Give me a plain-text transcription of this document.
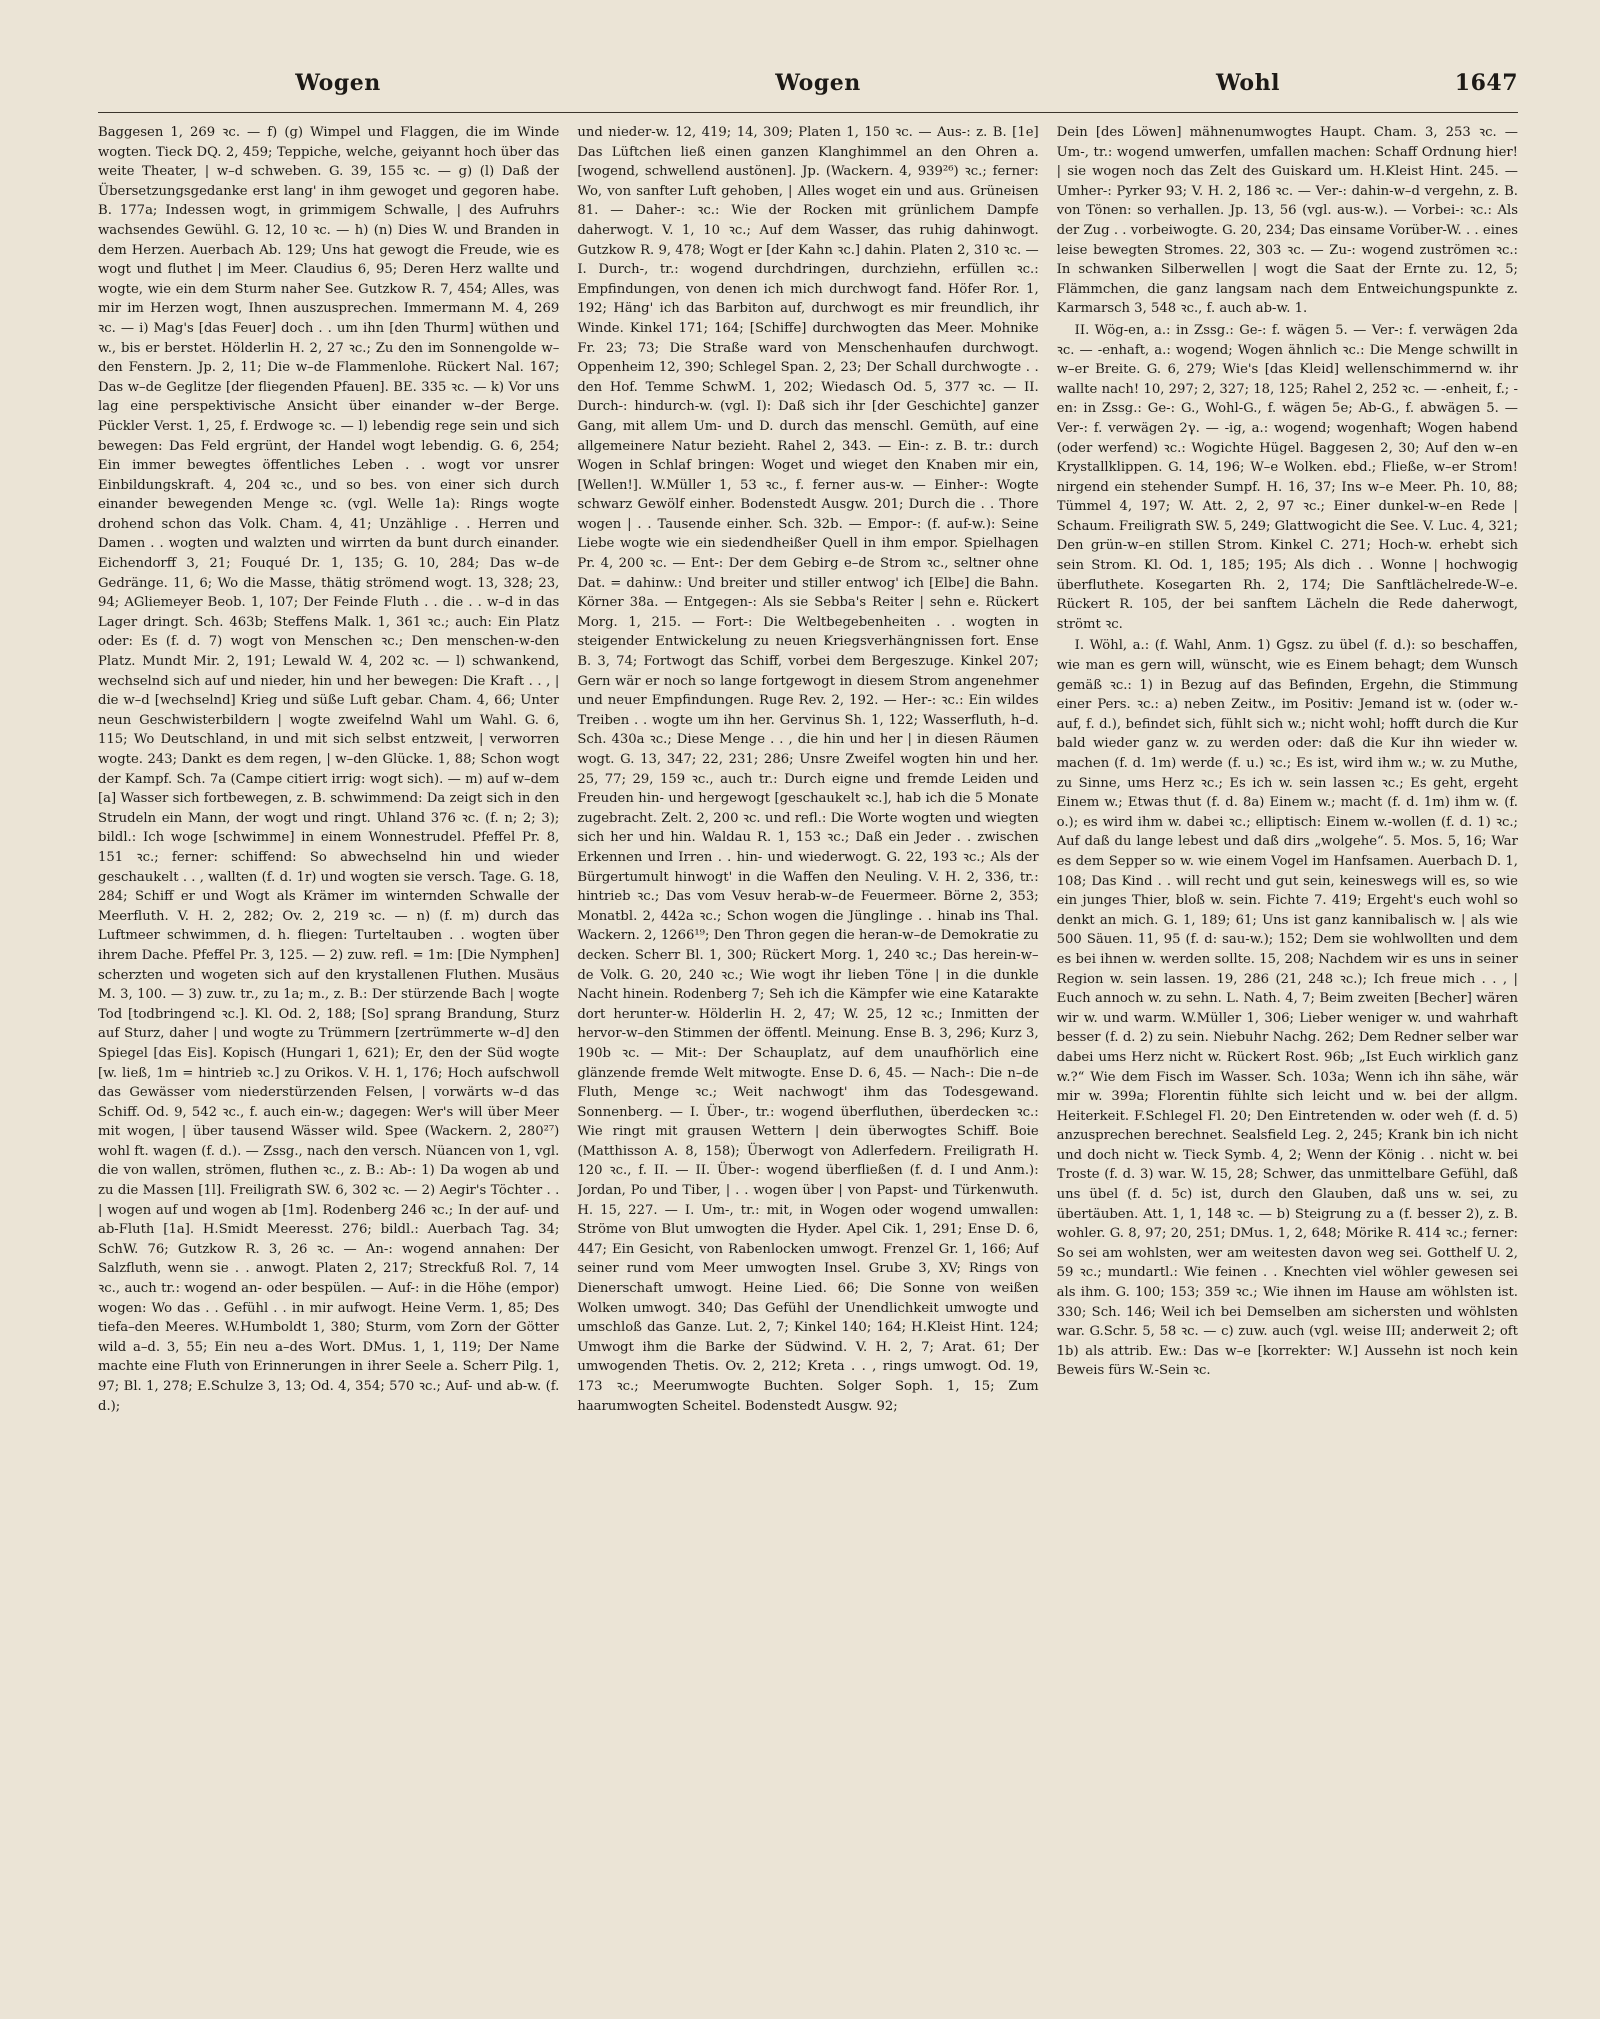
Wogen	Wogen	Wohl	1647

Baggesen 1, 269 ꝛc. — f) (g) Wimpel und Flaggen, die im Winde wogten. Tieck DQ. 2, 459; Teppiche, welche, geiyannt hoch über das weite Theater, | w–d schweben. G. 39, 155 ꝛc. — g) (l) Daß der Übersetzungsgedanke erst lang' in ihm gewoget und gegoren habe. B. 177a; Indessen wogt, in grimmigem Schwalle, | des Aufruhrs wachsendes Gewühl. G. 12, 10 ꝛc. — h) (n) Dies W. und Branden in dem Herzen. Auerbach Ab. 129; Uns hat gewogt die Freude, wie es wogt und fluthet | im Meer. Claudius 6, 95; Deren Herz wallte und wogte, wie ein dem Sturm naher See. Gutzkow R. 7, 454; Alles, was mir im Herzen wogt, Ihnen auszusprechen. Immermann M. 4, 269 ꝛc. — i) Mag's [das Feuer] doch . . um ihn [den Thurm] wüthen und w., bis er berstet. Hölderlin H. 2, 27 ꝛc.; Zu den im Sonnengolde w–den Fenstern. Jp. 2, 11; Die w–de Flammenlohe. Rückert Nal. 167; Das w–de Geglitze [der fliegenden Pfauen]. BE. 335 ꝛc. — k) Vor uns lag eine perspektivische Ansicht über einander w–der Berge. Pückler Verst. 1, 25, f. Erdwoge ꝛc. — l) lebendig rege sein und sich bewegen: Das Feld ergrünt, der Handel wogt lebendig. G. 6, 254; Ein immer bewegtes öffentliches Leben . . wogt vor unsrer Einbildungskraft. 4, 204 ꝛc., und so bes. von einer sich durch einander bewegenden Menge ꝛc. (vgl. Welle 1a): Rings wogte drohend schon das Volk. Cham. 4, 41; Unzählige . . Herren und Damen . . wogten und walzten und wirrten da bunt durch einander. Eichendorff 3, 21; Fouqué Dr. 1, 135; G. 10, 284; Das w–de Gedränge. 11, 6; Wo die Masse, thätig strömend wogt. 13, 328; 23, 94; AGliemeyer Beob. 1, 107; Der Feinde Fluth . . die . . w–d in das Lager dringt. Sch. 463b; Steffens Malk. 1, 361 ꝛc.; auch: Ein Platz oder: Es (f. d. 7) wogt von Menschen ꝛc.; Den menschen-w-den Platz. Mundt Mir. 2, 191; Lewald W. 4, 202 ꝛc. — l) schwankend, wechselnd sich auf und nieder, hin und her bewegen: Die Kraft . . , | die w–d [wechselnd] Krieg und süße Luft gebar. Cham. 4, 66; Unter neun Geschwisterbildern | wogte zweifelnd Wahl um Wahl. G. 6, 115; Wo Deutschland, in und mit sich selbst entzweit, | verworren wogte. 243; Dankt es dem regen, | w–den Glücke. 1, 88; Schon wogt der Kampf. Sch. 7a (Campe citiert irrig: wogt sich). — m) auf w–dem [a] Wasser sich fortbewegen, z. B. schwimmend: Da zeigt sich in den Strudeln ein Mann, der wogt und ringt. Uhland 376 ꝛc. (f. n; 2; 3); bildl.: Ich woge [schwimme] in einem Wonnestrudel. Pfeffel Pr. 8, 151 ꝛc.; ferner: schiffend: So abwechselnd hin und wieder geschaukelt . . , wallten (f. d. 1r) und wogten sie versch. Tage. G. 18, 284; Schiff er und Wogt als Krämer im winternden Schwalle der Meerfluth. V. H. 2, 282; Ov. 2, 219 ꝛc. — n) (f. m) durch das Luftmeer schwimmen, d. h. fliegen: Turteltauben . . wogten über ihrem Dache. Pfeffel Pr. 3, 125. — 2) zuw. refl. = 1m: [Die Nymphen] scherzten und wogeten sich auf den krystallenen Fluthen. Musäus M. 3, 100. — 3) zuw. tr., zu 1a; m., z. B.: Der stürzende Bach | wogte Tod [todbringend ꝛc.]. Kl. Od. 2, 188; [So] sprang Brandung, Sturz auf Sturz, daher | und wogte zu Trümmern [zertrümmerte w–d] den Spiegel [das Eis]. Kopisch (Hungari 1, 621); Er, den der Süd wogte [w. ließ, 1m = hintrieb ꝛc.] zu Orikos. V. H. 1, 176; Hoch aufschwoll das Gewässer vom niederstürzenden Felsen, | vorwärts w–d das Schiff. Od. 9, 542 ꝛc., f. auch ein-w.; dagegen: Wer's will über Meer mit wogen, | über tausend Wässer wild. Spee (Wackern. 2, 280²⁷) wohl ft. wagen (f. d.). — Zssg., nach den versch. Nüancen von 1, vgl. die von wallen, strömen, fluthen ꝛc., z. B.: Ab-: 1) Da wogen ab und zu die Massen [1l]. Freiligrath SW. 6, 302 ꝛc. — 2) Aegir's Töchter . . | wogen auf und wogen ab [1m]. Rodenberg 246 ꝛc.; In der auf- und ab-Fluth [1a]. H.Smidt Meeresst. 276; bildl.: Auerbach Tag. 34; SchW. 76; Gutzkow R. 3, 26 ꝛc. — An-: wogend annahen: Der Salzfluth, wenn sie . . anwogt. Platen 2, 217; Streckfuß Rol. 7, 14 ꝛc., auch tr.: wogend an- oder bespülen. — Auf-: in die Höhe (empor) wogen: Wo das . . Gefühl . . in mir aufwogt. Heine Verm. 1, 85; Des tiefa–den Meeres. W.Humboldt 1, 380; Sturm, vom Zorn der Götter wild a–d. 3, 55; Ein neu a–des Wort. DMus. 1, 1, 119; Der Name machte eine Fluth von Erinnerungen in ihrer Seele a. Scherr Pilg. 1, 97; Bl. 1, 278; E.Schulze 3, 13; Od. 4, 354; 570 ꝛc.; Auf- und ab-w. (f. d.);

und nieder-w. 12, 419; 14, 309; Platen 1, 150 ꝛc. — Aus-: z. B. [1e] Das Lüftchen ließ einen ganzen Klanghimmel an den Ohren a. [wogend, schwellend austönen]. Jp. (Wackern. 4, 939²⁶) ꝛc.; ferner: Wo, von sanfter Luft gehoben, | Alles woget ein und aus. Grüneisen 81. — Daher-: ꝛc.: Wie der Rocken mit grünlichem Dampfe daherwogt. V. 1, 10 ꝛc.; Auf dem Wasser, das ruhig dahinwogt. Gutzkow R. 9, 478; Wogt er [der Kahn ꝛc.] dahin. Platen 2, 310 ꝛc. — I. Durch-, tr.: wogend durchdringen, durchziehn, erfüllen ꝛc.: Empfindungen, von denen ich mich durchwogt fand. Höfer Ror. 1, 192; Häng' ich das Barbiton auf, durchwogt es mir freundlich, ihr Winde. Kinkel 171; 164; [Schiffe] durchwogten das Meer. Mohnike Fr. 23; 73; Die Straße ward von Menschenhaufen durchwogt. Oppenheim 12, 390; Schlegel Span. 2, 23; Der Schall durchwogte . . den Hof. Temme SchwM. 1, 202; Wiedasch Od. 5, 377 ꝛc. — II. Durch-: hindurch-w. (vgl. I): Daß sich ihr [der Geschichte] ganzer Gang, mit allem Um- und D. durch das menschl. Gemüth, auf eine allgemeinere Natur bezieht. Rahel 2, 343. — Ein-: z. B. tr.: durch Wogen in Schlaf bringen: Woget und wieget den Knaben mir ein, [Wellen!]. W.Müller 1, 53 ꝛc., f. ferner aus-w. — Einher-: Wogte schwarz Gewölf einher. Bodenstedt Ausgw. 201; Durch die . . Thore wogen | . . Tausende einher. Sch. 32b. — Empor-: (f. auf-w.): Seine Liebe wogte wie ein siedendheißer Quell in ihm empor. Spielhagen Pr. 4, 200 ꝛc. — Ent-: Der dem Gebirg e–de Strom ꝛc., seltner ohne Dat. = dahinw.: Und breiter und stiller entwog' ich [Elbe] die Bahn. Körner 38a. — Entgegen-: Als sie Sebba's Reiter | sehn e. Rückert Morg. 1, 215. — Fort-: Die Weltbegebenheiten . . wogten in steigender Entwickelung zu neuen Kriegsverhängnissen fort. Ense B. 3, 74; Fortwogt das Schiff, vorbei dem Bergeszuge. Kinkel 207; Gern wär er noch so lange fortgewogt in diesem Strom angenehmer und neuer Empfindungen. Ruge Rev. 2, 192. — Her-: ꝛc.: Ein wildes Treiben . . wogte um ihn her. Gervinus Sh. 1, 122; Wasserfluth, h–d. Sch. 430a ꝛc.; Diese Menge . . , die hin und her | in diesen Räumen wogt. G. 13, 347; 22, 231; 286; Unsre Zweifel wogten hin und her. 25, 77; 29, 159 ꝛc., auch tr.: Durch eigne und fremde Leiden und Freuden hin- und hergewogt [geschaukelt ꝛc.], hab ich die 5 Monate zugebracht. Zelt. 2, 200 ꝛc. und refl.: Die Worte wogten und wiegten sich her und hin. Waldau R. 1, 153 ꝛc.; Daß ein Jeder . . zwischen Erkennen und Irren . . hin- und wiederwogt. G. 22, 193 ꝛc.; Als der Bürgertumult hinwogt' in die Waffen den Neuling. V. H. 2, 336, tr.: hintrieb ꝛc.; Das vom Vesuv herab-w–de Feuermeer. Börne 2, 353; Monatbl. 2, 442a ꝛc.; Schon wogen die Jünglinge . . hinab ins Thal. Wackern. 2, 1266¹⁹; Den Thron gegen die heran-w–de Demokratie zu decken. Scherr Bl. 1, 300; Rückert Morg. 1, 240 ꝛc.; Das herein-w–de Volk. G. 20, 240 ꝛc.; Wie wogt ihr lieben Töne | in die dunkle Nacht hinein. Rodenberg 7; Seh ich die Kämpfer wie eine Katarakte dort herunter-w. Hölderlin H. 2, 47; W. 25, 12 ꝛc.; Inmitten der hervor-w–den Stimmen der öffentl. Meinung. Ense B. 3, 296; Kurz 3, 190b ꝛc. — Mit-: Der Schauplatz, auf dem unaufhörlich eine glänzende fremde Welt mitwogte. Ense D. 6, 45. — Nach-: Die n–de Fluth, Menge ꝛc.; Weit nachwogt' ihm das Todesgewand. Sonnenberg. — I. Über-, tr.: wogend überfluthen, überdecken ꝛc.: Wie ringt mit grausen Wettern | dein überwogtes Schiff. Boie (Matthisson A. 8, 158); Überwogt von Adlerfedern. Freiligrath H. 120 ꝛc., f. II. — II. Über-: wogend überfließen (f. d. I und Anm.): Jordan, Po und Tiber, | . . wogen über | von Papst- und Türkenwuth. H. 15, 227. — I. Um-, tr.: mit, in Wogen oder wogend umwallen: Ströme von Blut umwogten die Hyder. Apel Cik. 1, 291; Ense D. 6, 447; Ein Gesicht, von Rabenlocken umwogt. Frenzel Gr. 1, 166; Auf seiner rund vom Meer umwogten Insel. Grube 3, XV; Rings von Dienerschaft umwogt. Heine Lied. 66; Die Sonne von weißen Wolken umwogt. 340; Das Gefühl der Unendlichkeit umwogte und umschloß das Ganze. Lut. 2, 7; Kinkel 140; 164; H.Kleist Hint. 124; Umwogt ihm die Barke der Südwind. V. H. 2, 7; Arat. 61; Der umwogenden Thetis. Ov. 2, 212; Kreta . . , rings umwogt. Od. 19, 173 ꝛc.; Meerumwogte Buchten. Solger Soph. 1, 15; Zum haarumwogten Scheitel. Bodenstedt Ausgw. 92;

Dein [des Löwen] mähnenumwogtes Haupt. Cham. 3, 253 ꝛc. — Um-, tr.: wogend umwerfen, umfallen machen: Schaff Ordnung hier! | sie wogen noch das Zelt des Guiskard um. H.Kleist Hint. 245. — Umher-: Pyrker 93; V. H. 2, 186 ꝛc. — Ver-: dahin-w–d vergehn, z. B. von Tönen: so verhallen. Jp. 13, 56 (vgl. aus-w.). — Vorbei-: ꝛc.: Als der Zug . . vorbeiwogte. G. 20, 234; Das einsame Vorüber-W. . . eines leise bewegten Stromes. 22, 303 ꝛc. — Zu-: wogend zuströmen ꝛc.: In schwanken Silberwellen | wogt die Saat der Ernte zu. 12, 5; Flämmchen, die ganz langsam nach dem Entweichungspunkte z. Karmarsch 3, 548 ꝛc., f. auch ab-w. 1.

II. Wög-en, a.: in Zssg.: Ge-: f. wägen 5. — Ver-: f. verwägen 2da ꝛc. — -enhaft, a.: wogend; Wogen ähnlich ꝛc.: Die Menge schwillt in w–er Breite. G. 6, 279; Wie's [das Kleid] wellenschimmernd w. ihr wallte nach! 10, 297; 2, 327; 18, 125; Rahel 2, 252 ꝛc. — -enheit, f.; -en: in Zssg.: Ge-: G., Wohl-G., f. wägen 5e; Ab-G., f. abwägen 5. — Ver-: f. verwägen 2γ. — -ig, a.: wogend; wogenhaft; Wogen habend (oder werfend) ꝛc.: Wogichte Hügel. Baggesen 2, 30; Auf den w–en Krystallklippen. G. 14, 196; W–e Wolken. ebd.; Fließe, w–er Strom! nirgend ein stehender Sumpf. H. 16, 37; Ins w–e Meer. Ph. 10, 88; Tümmel 4, 197; W. Att. 2, 2, 97 ꝛc.; Einer dunkel-w–en Rede | Schaum. Freiligrath SW. 5, 249; Glattwogicht die See. V. Luc. 4, 321; Den grün-w–en stillen Strom. Kinkel C. 271; Hoch-w. erhebt sich sein Strom. Kl. Od. 1, 185; 195; Als dich . . Wonne | hochwogig überfluthete. Kosegarten Rh. 2, 174; Die Sanftlächelrede-W–e. Rückert R. 105, der bei sanftem Lächeln die Rede daherwogt, strömt ꝛc.

I. Wöhl, a.: (f. Wahl, Anm. 1) Ggsz. zu übel (f. d.): so beschaffen, wie man es gern will, wünscht, wie es Einem behagt; dem Wunsch gemäß ꝛc.: 1) in Bezug auf das Befinden, Ergehn, die Stimmung einer Pers. ꝛc.: a) neben Zeitw., im Positiv: Jemand ist w. (oder w.-auf, f. d.), befindet sich, fühlt sich w.; nicht wohl; hofft durch die Kur bald wieder ganz w. zu werden oder: daß die Kur ihn wieder w. machen (f. d. 1m) werde (f. u.) ꝛc.; Es ist, wird ihm w.; w. zu Muthe, zu Sinne, ums Herz ꝛc.; Es ich w. sein lassen ꝛc.; Es geht, ergeht Einem w.; Etwas thut (f. d. 8a) Einem w.; macht (f. d. 1m) ihm w. (f. o.); es wird ihm w. dabei ꝛc.; elliptisch: Einem w.-wollen (f. d. 1) ꝛc.; Auf daß du lange lebest und daß dirs „wolgehe“. 5. Mos. 5, 16; War es dem Sepper so w. wie einem Vogel im Hanfsamen. Auerbach D. 1, 108; Das Kind . . will recht und gut sein, keineswegs will es, so wie ein junges Thier, bloß w. sein. Fichte 7. 419; Ergeht's euch wohl so denkt an mich. G. 1, 189; 61; Uns ist ganz kannibalisch w. | als wie 500 Säuen. 11, 95 (f. d: sau-w.); 152; Dem sie wohlwollten und dem es bei ihnen w. werden sollte. 15, 208; Nachdem wir es uns in seiner Region w. sein lassen. 19, 286 (21, 248 ꝛc.); Ich freue mich . . , | Euch annoch w. zu sehn. L. Nath. 4, 7; Beim zweiten [Becher] wären wir w. und warm. W.Müller 1, 306; Lieber weniger w. und wahrhaft besser (f. d. 2) zu sein. Niebuhr Nachg. 262; Dem Redner selber war dabei ums Herz nicht w. Rückert Rost. 96b; „Ist Euch wirklich ganz w.?“ Wie dem Fisch im Wasser. Sch. 103a; Wenn ich ihn sähe, wär mir w. 399a; Florentin fühlte sich leicht und w. bei der allgm. Heiterkeit. F.Schlegel Fl. 20; Den Eintretenden w. oder weh (f. d. 5) anzusprechen berechnet. Sealsfield Leg. 2, 245; Krank bin ich nicht und doch nicht w. Tieck Symb. 4, 2; Wenn der König . . nicht w. bei Troste (f. d. 3) war. W. 15, 28; Schwer, das unmittelbare Gefühl, daß uns übel (f. d. 5c) ist, durch den Glauben, daß uns w. sei, zu übertäuben. Att. 1, 1, 148 ꝛc. — b) Steigrung zu a (f. besser 2), z. B. wohler. G. 8, 97; 20, 251; DMus. 1, 2, 648; Mörike R. 414 ꝛc.; ferner: So sei am wohlsten, wer am weitesten davon weg sei. Gotthelf U. 2, 59 ꝛc.; mundartl.: Wie feinen . . Knechten viel wöhler gewesen sei als ihm. G. 100; 153; 359 ꝛc.; Wie ihnen im Hause am wöhlsten ist. 330; Sch. 146; Weil ich bei Demselben am sichersten und wöhlsten war. G.Schr. 5, 58 ꝛc. — c) zuw. auch (vgl. weise III; anderweit 2; oft 1b) als attrib. Ew.: Das w–e [korrekter: W.] Aussehn ist noch kein Beweis fürs W.-Sein ꝛc.
